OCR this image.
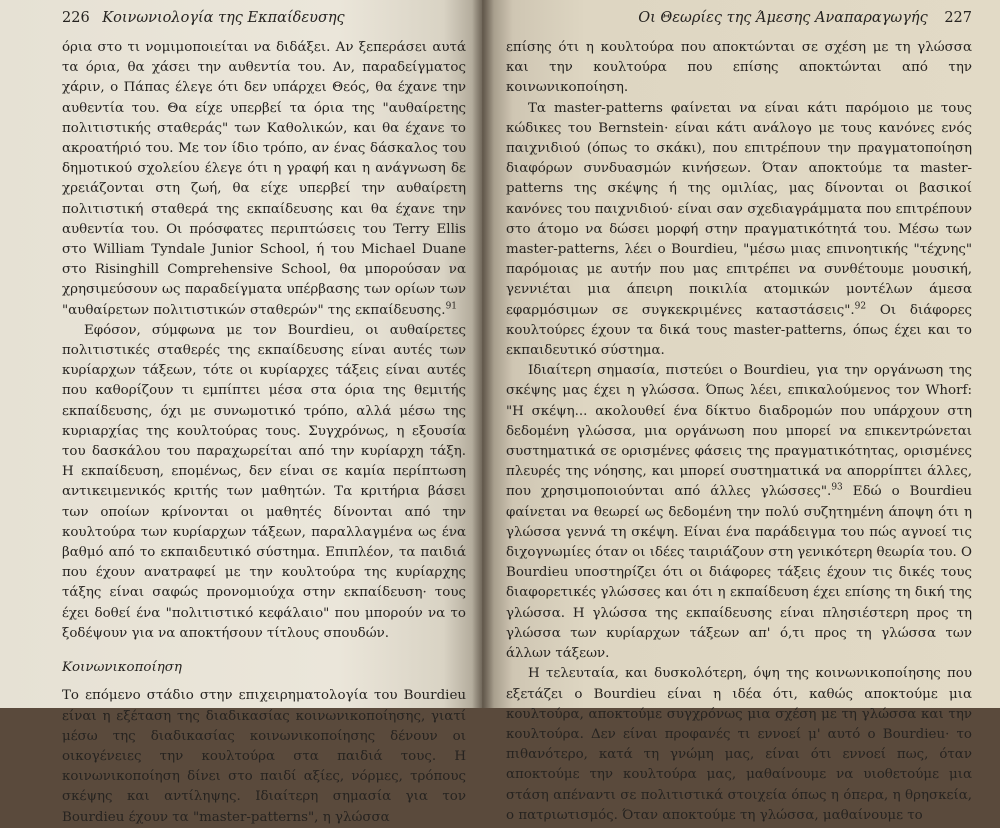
226 Κοινωνιολογία της Εκπαίδευσης

όρια στο τι νομιμοποιείται να διδάξει. Αν ξεπεράσει αυτά τα όρια, θα χάσει την αυθεντία του. Αν, παραδείγματος χάριν, ο Πάπας έλεγε ότι δεν υπάρχει Θεός, θα έχανε την αυθεντία του. Θα είχε υπερβεί τα όρια της "αυθαίρετης πολιτιστικής σταθεράς" των Καθολικών, και θα έχανε το ακροατήριό του. Με τον ίδιο τρόπο, αν ένας δάσκαλος του δημοτικού σχολείου έλεγε ότι η γραφή και η ανάγνωση δε χρειάζονται στη ζωή, θα είχε υπερβεί την αυθαίρετη πολιτιστική σταθερά της εκπαίδευσης και θα έχανε την αυθεντία του. Οι πρόσφατες περιπτώσεις του Terry Ellis στο William Tyndale Junior School, ή του Michael Duane στο Risinghill Comprehensive School, θα μπορούσαν να χρησιμεύσουν ως παραδείγματα υπέρβασης των ορίων των "αυθαίρετων πολιτιστικών σταθερών" της εκπαίδευσης.$^{91}$

Εφόσον, σύμφωνα με τον Bourdieu, οι αυθαίρετες πολιτιστικές σταθερές της εκπαίδευσης είναι αυτές των κυρίαρχων τάξεων, τότε οι κυρίαρχες τάξεις είναι αυτές που καθορίζουν τι εμπίπτει μέσα στα όρια της θεμιτής εκπαίδευσης, όχι με συνωμοτικό τρόπο, αλλά μέσω της κυριαρχίας της κουλτούρας τους. Συγχρόνως, η εξουσία του δασκάλου του παραχωρείται από την κυρίαρχη τάξη. Η εκπαίδευση, επομένως, δεν είναι σε καμία περίπτωση αντικειμενικός κριτής των μαθητών. Τα κριτήρια βάσει των οποίων κρίνονται οι μαθητές δίνονται από την κουλτούρα των κυρίαρχων τάξεων, παραλλαγμένα ως ένα βαθμό από το εκπαιδευτικό σύστημα. Επιπλέον, τα παιδιά που έχουν ανατραφεί με την κουλτούρα της κυρίαρχης τάξης είναι σαφώς προνομιούχα στην εκπαίδευση· τους έχει δοθεί ένα "πολιτιστικό κεφάλαιο" που μπορούν να το ξοδέψουν για να αποκτήσουν τίτλους σπουδών.

Κοινωνικοποίηση

Το επόμενο στάδιο στην επιχειρηματολογία του Bourdieu είναι η εξέταση της διαδικασίας κοινωνικοποίησης, γιατί μέσω της διαδικασίας κοινωνικοποίησης δένουν οι οικογένειες την κουλτούρα στα παιδιά τους. Η κοινωνικοποίηση δίνει στο παιδί αξίες, νόρμες, τρόπους σκέψης και αντίληψης. Ιδιαίτερη σημασία για τον Bourdieu έχουν τα "master-patterns", η γλώσσα

Οι Θεωρίες της Άμεσης Αναπαραγωγής 227

επίσης ότι η κουλτούρα που αποκτώνται σε σχέση με τη γλώσσα και την κουλτούρα που επίσης αποκτώνται από την κοινωνικοποίηση.

Τα master-patterns φαίνεται να είναι κάτι παρόμοιο με τους κώδικες του Bernstein· είναι κάτι ανάλογο με τους κανόνες ενός παιχνιδιού (όπως το σκάκι), που επιτρέπουν την πραγματοποίηση διαφόρων συνδυασμών κινήσεων. Όταν αποκτούμε τα master-patterns της σκέψης ή της ομιλίας, μας δίνονται οι βασικοί κανόνες του παιχνιδιού· είναι σαν σχεδιαγράμματα που επιτρέπουν στο άτομο να δώσει μορφή στην πραγματικότητά του. Μέσω των master-patterns, λέει ο Bourdieu, "μέσω μιας επινοητικής "τέχνης" παρόμοιας με αυτήν που μας επιτρέπει να συνθέτουμε μουσική, γεννιέται μια άπειρη ποικιλία ατομικών μοντέλων άμεσα εφαρμόσιμων σε συγκεκριμένες καταστάσεις".$^{92}$ Οι διάφορες κουλτούρες έχουν τα δικά τους master-patterns, όπως έχει και το εκπαιδευτικό σύστημα.

Ιδιαίτερη σημασία, πιστεύει ο Bourdieu, για την οργάνωση της σκέψης μας έχει η γλώσσα. Όπως λέει, επικαλούμενος τον Whorf: "Η σκέψη... ακολουθεί ένα δίκτυο διαδρομών που υπάρχουν στη δεδομένη γλώσσα, μια οργάνωση που μπορεί να επικεντρώνεται συστηματικά σε ορισμένες φάσεις της πραγματικότητας, ορισμένες πλευρές της νόησης, και μπορεί συστηματικά να απορρίπτει άλλες, που χρησιμοποιούνται από άλλες γλώσσες".$^{93}$ Εδώ ο Bourdieu φαίνεται να θεωρεί ως δεδομένη την πολύ συζητημένη άποψη ότι η γλώσσα γεννά τη σκέψη. Είναι ένα παράδειγμα του πώς αγνοεί τις διχογνωμίες όταν οι ιδέες ταιριάζουν στη γενικότερη θεωρία του. Ο Bourdieu υποστηρίζει ότι οι διάφορες τάξεις έχουν τις δικές τους διαφορετικές γλώσσες και ότι η εκπαίδευση έχει επίσης τη δική της γλώσσα. Η γλώσσα της εκπαίδευσης είναι πλησιέστερη προς τη γλώσσα των κυρίαρχων τάξεων απ' ό,τι προς τη γλώσσα των άλλων τάξεων.

Η τελευταία, και δυσκολότερη, όψη της κοινωνικοποίησης που εξετάζει ο Bourdieu είναι η ιδέα ότι, καθώς αποκτούμε μια κουλτούρα, αποκτούμε συγχρόνως μια σχέση με τη γλώσσα και την κουλτούρα. Δεν είναι προφανές τι εννοεί μ' αυτό ο Bourdieu· το πιθανότερο, κατά τη γνώμη μας, είναι ότι εννοεί πως, όταν αποκτούμε την κουλτούρα μας, μαθαίνουμε να υιοθετούμε μια στάση απέναντι σε πολιτιστικά στοιχεία όπως η όπερα, η θρησκεία, ο πατριωτισμός. Όταν αποκτούμε τη γλώσσα, μαθαίνουμε το
